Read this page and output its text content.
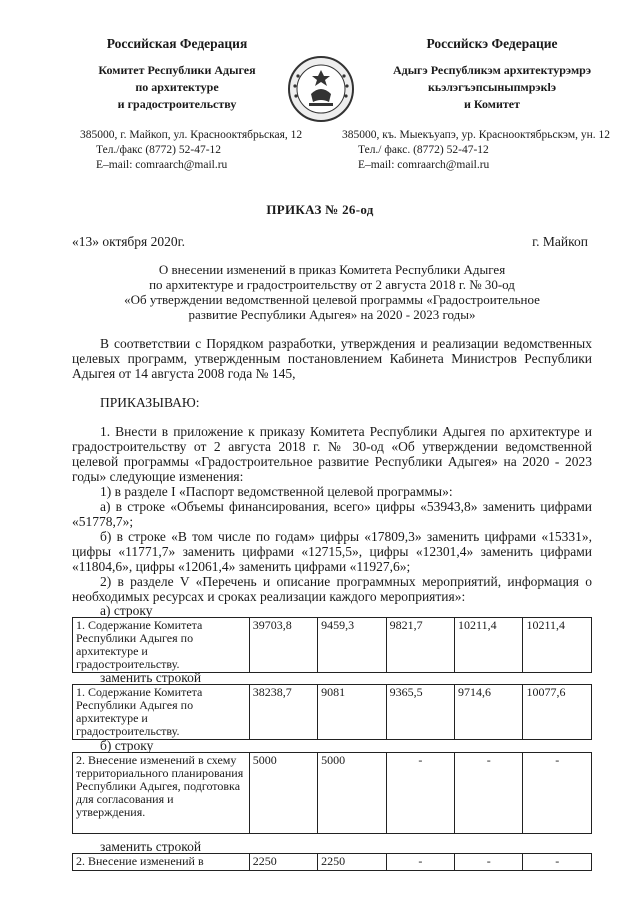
Российская Федерация
Комитет Республики Адыгея
по архитектуре
и градостроительству
Российскэ Федерацие
Адыгэ Республикэм архитектурэмрэ
кьэлэгъэпсыныпмрэкlэ
и Комитет
385000, г. Майкоп, ул. Краснооктябрьская, 12
Тел./факс (8772) 52-47-12
E–mail: comraarch@mail.ru
385000, къ. Мыекъуапэ, ур. Краснооктябрьскэм, ун. 12
Тел./ факс. (8772) 52-47-12
E–mail: comraarch@mail.ru
ПРИКАЗ № 26-од
«13» октября 2020г.	г. Майкоп
О внесении изменений в приказ Комитета Республики Адыгея
по архитектуре и градостроительству от 2 августа 2018 г. № 30-од
«Об утверждении ведомственной целевой программы «Градостроительное
развитие Республики Адыгея» на 2020 - 2023 годы»
В соответствии с Порядком разработки, утверждения и реализации ведомственных целевых программ, утвержденным постановлением Кабинета Министров Республики Адыгея от 14 августа 2008 года № 145,
ПРИКАЗЫВАЮ:
1. Внести в приложение к приказу Комитета Республики Адыгея по архитектуре и градостроительству от 2 августа 2018 г. № 30-од «Об утверждении ведомственной целевой программы «Градостроительное развитие Республики Адыгея» на 2020 - 2023 годы» следующие изменения:
1) в разделе I «Паспорт ведомственной целевой программы»:
а) в строке «Объемы финансирования, всего» цифры «53943,8» заменить цифрами «51778,7»;
б) в строке «В том числе по годам» цифры «17809,3» заменить цифрами «15331», цифры «11771,7» заменить цифрами «12715,5», цифры «12301,4» заменить цифрами «11804,6», цифры «12061,4» заменить цифрами «11927,6»;
2) в разделе V «Перечень и описание программных мероприятий, информация о необходимых ресурсах и сроках реализации каждого мероприятия»:
а) строку
1. Содержание Комитета Республики Адыгея по архитектуре и градостроительству.	39703,8	9459,3	9821,7	10211,4	10211,4
заменить строкой
1. Содержание Комитета Республики Адыгея по архитектуре и градостроительству.	38238,7	9081	9365,5	9714,6	10077,6
б) строку
2. Внесение изменений в схему территориального планирования Республики Адыгея, подготовка для согласования и утверждения.	5000	5000	-	-	-
заменить строкой
2. Внесение изменений в	2250	2250	-	-	-
